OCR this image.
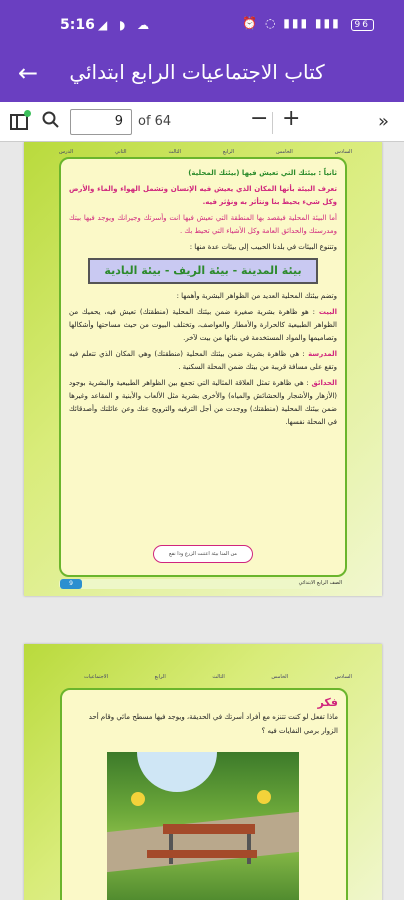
5:16 ◢ ◗ ☁	⏰ ◌ ▮▮▮ ▮▮▮ 96
←	كتاب الاجتماعيات الرابع ابتدائي
9	of 64	− +	»
الدرس	الثاني	الثالث	الرابع	الخامس	السادس

ثانياً : بيئتك التي تعيش فيها (بيئتك المحلية)

تعرف البيئة بأنها المكان الذي يعيش فيه الإنسان وتشمل الهواء والماء والأرض وكل شيء يحيط بنا ونتأثر به ونؤثر فيه.

أما البيئة المحلية فيقصد بها المنطقة التي تعيش فيها انت وأسرتك وجيرانك ويوجد فيها بيتك ومدرستك والحدائق العامة وكل الأشياء التي تحيط بك .

وتتنوع البيئات في بلدنا الحبيب إلى بيئات عدة منها :

بيئة المدينة - بيئة الريف - بيئة البادية

وتضم بيئتك المحلية العديد من الظواهر البشرية وأهمها :

البيت : هو ظاهرة بشرية صغيرة ضمن بيئتك المحلية (منطقتك) تعيش فيه، يحميك من الظواهر الطبيعية كالحرارة والأمطار والعواصف، وتختلف البيوت من حيث مساحتها وأشكالها وتصاميمها والمواد المستخدمة في بنائها من بيت لآخر.

المدرسة : هي ظاهرة بشرية ضمن بيئتك المحلية (منطقتك) وهي المكان الذي تتعلم فيه وتقع على مسافة قريبة من بيتك ضمن المحلة السكنية .

الحدائق : هي ظاهرة تمثل العلاقة المثالية التي تجمع بين الظواهر الطبيعية والبشرية بوجود (الأزهار والأشجار والحشائش والمياه) والأخرى بشرية مثل الألعاب والأبنية و المقاعد وغيرها ضمن بيئتك المحلية (منطقتك) ووجدت من أجل الترفيه والترويح عنك وعن عائلتك وأصدقائك في المحلة نفسها.

من المنا بيئة اعتنت الزرع وذا نفع
9	الصف الرابع الابتدائي
الاجتماعيات	الرابع	الثالث	الخامس	السادس

فكر

ماذا تفعل لو كنت تتنزه مع أفراد أسرتك في الحديقة، ويوجد فيها مسطح مائي وقام أحد الزوار برمي النفايات فيه ؟
